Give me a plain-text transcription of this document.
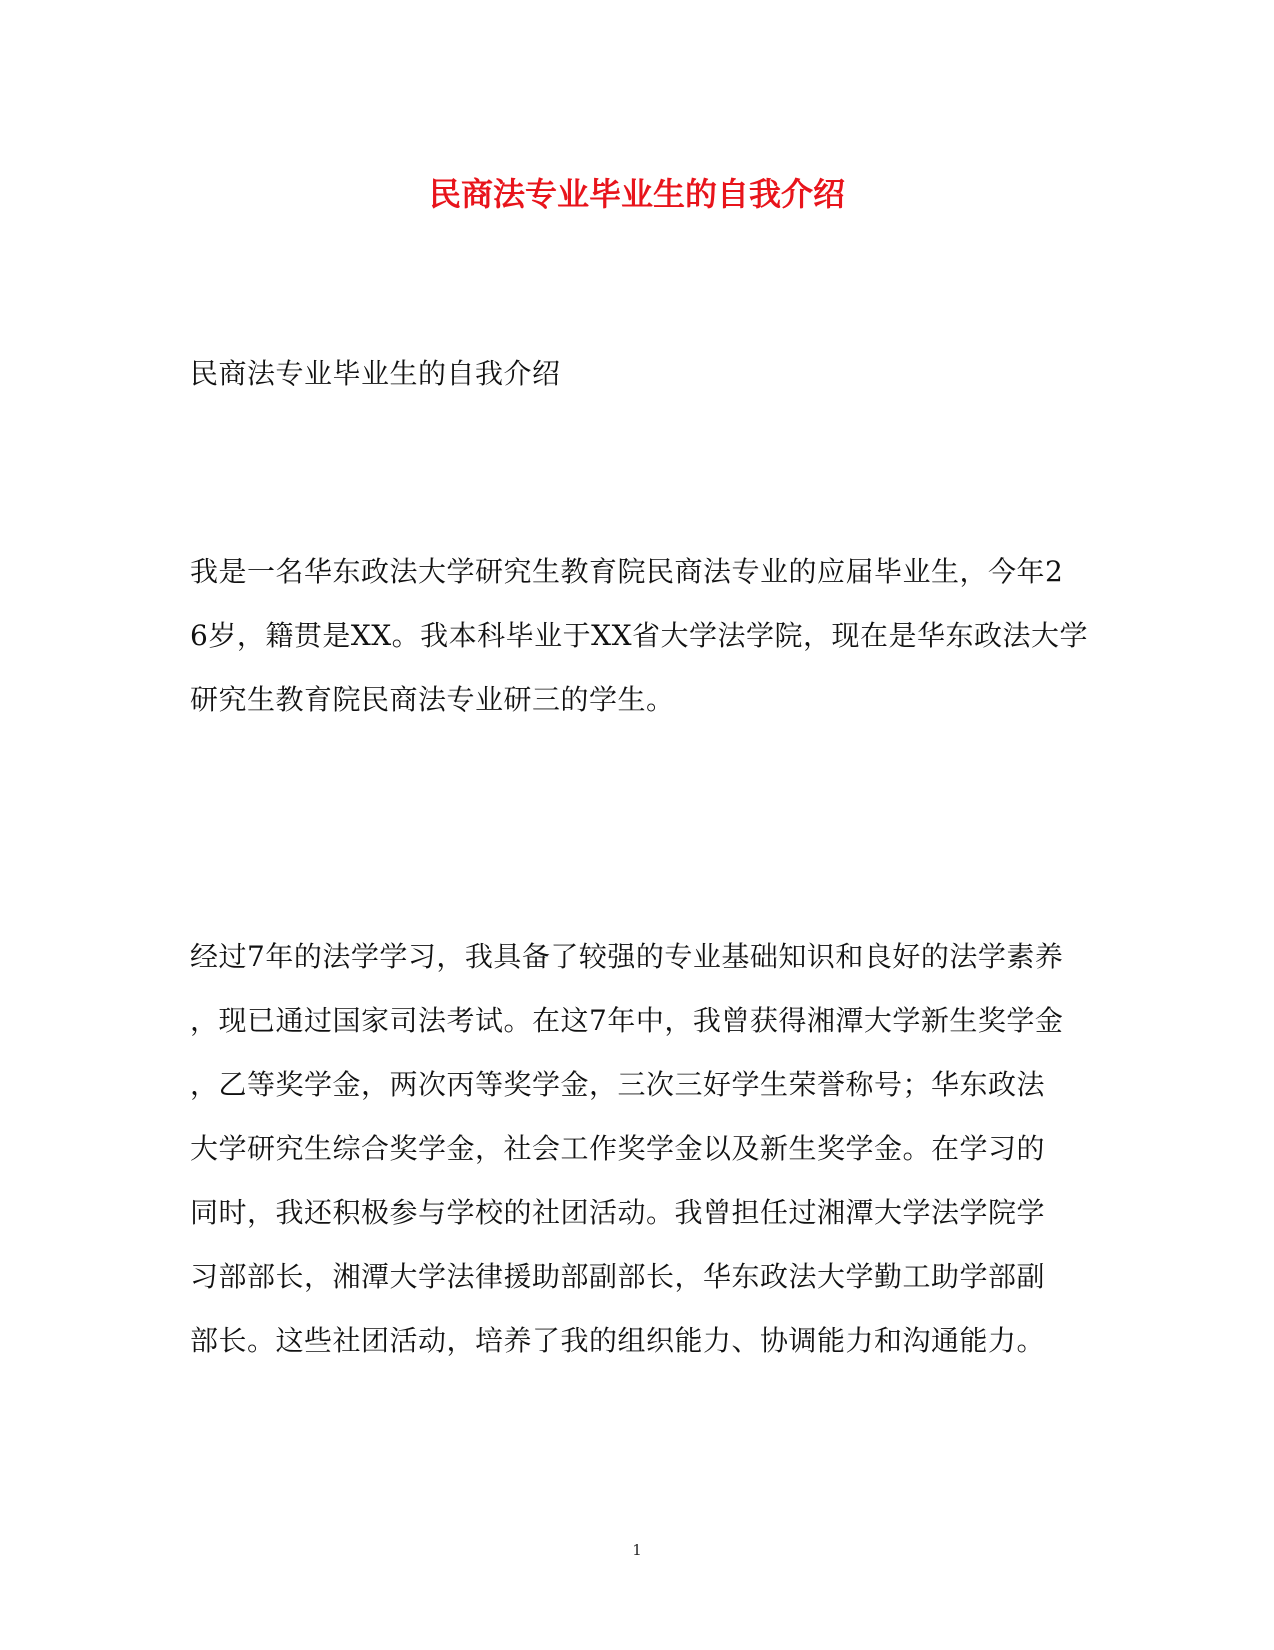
民商法专业毕业生的自我介绍

民商法专业毕业生的自我介绍

我是一名华东政法大学研究生教育院民商法专业的应届毕业生，今年2
6岁，籍贯是XX。我本科毕业于XX省大学法学院，现在是华东政法大学
研究生教育院民商法专业研三的学生。
经过7年的法学学习，我具备了较强的专业基础知识和良好的法学素养
，现已通过国家司法考试。在这7年中，我曾获得湘潭大学新生奖学金
，乙等奖学金，两次丙等奖学金，三次三好学生荣誉称号；华东政法
大学研究生综合奖学金，社会工作奖学金以及新生奖学金。在学习的
同时，我还积极参与学校的社团活动。我曾担任过湘潭大学法学院学
习部部长，湘潭大学法律援助部副部长，华东政法大学勤工助学部副
部长。这些社团活动，培养了我的组织能力、协调能力和沟通能力。
1
